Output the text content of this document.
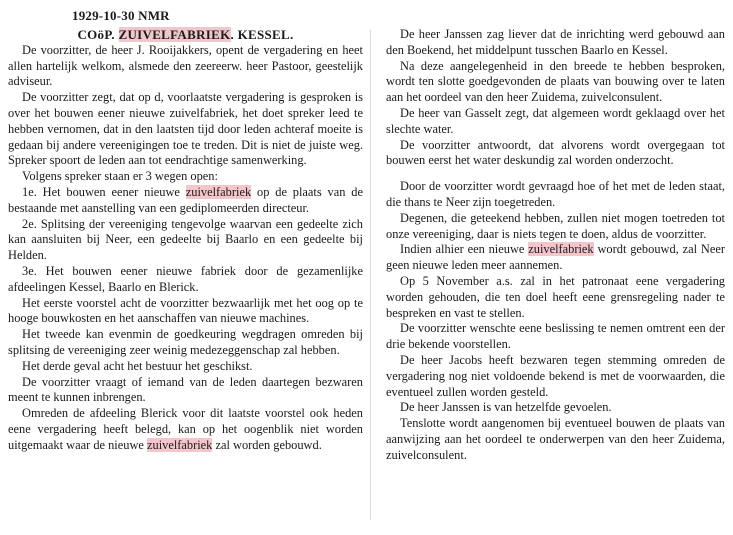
1929-10-30 NMR

COöP. ZUIVELFABRIEK. KESSEL.

De voorzitter, de heer J. Rooijakkers, opent de vergadering en heet allen hartelijk welkom, alsmede den zeereerw. heer Pastoor, geestelijk adviseur.

De voorzitter zegt, dat op d, voorlaatste vergadering is gesproken is over het bouwen eener nieuwe zuivelfabriek, het doet spreker leed te hebben vernomen, dat in den laatsten tijd door leden achteraf moeite is gedaan bij andere vereenigingen toe te treden. Dit is niet de juiste weg. Spreker spoort de leden aan tot eendrachtige samenwerking.

Volgens spreker staan er 3 wegen open:

1e. Het bouwen eener nieuwe zuivelfabriek op de plaats van de bestaande met aanstelling van een gediplomeerden directeur.

2e. Splitsing der vereeniging tengevolge waarvan een gedeelte zich kan aansluiten bij Neer, een gedeelte bij Baarlo en een gedeelte bij Helden.

3e. Het bouwen eener nieuwe fabriek door de gezamenlijke afdeelingen Kessel, Baarlo en Blerick.

Het eerste voorstel acht de voorzitter bezwaarlijk met het oog op te hooge bouwkosten en het aanschaffen van nieuwe machines.

Het tweede kan evenmin de goedkeuring wegdragen omreden bij splitsing de vereeniging zeer weinig medezeggenschap zal hebben.

Het derde geval acht het bestuur het geschikst.

De voorzitter vraagt of iemand van de leden daartegen bezwaren meent te kunnen inbrengen.

Omreden de afdeeling Blerick voor dit laatste voorstel ook heden eene vergadering heeft belegd, kan op het oogenblik niet worden uitgemaakt waar de nieuwe zuivelfabriek zal worden gebouwd.

De heer Janssen zag liever dat de inrichting werd gebouwd aan den Boekend, het middelpunt tusschen Baarlo en Kessel.

Na deze aangelegenheid in den breede te hebben besproken, wordt ten slotte goedgevonden de plaats van bouwing over te laten aan het oordeel van den heer Zuidema, zuivelconsulent.

De heer van Gasselt zegt, dat algemeen wordt geklaagd over het slechte water.

De voorzitter antwoordt, dat alvorens wordt overgegaan tot bouwen eerst het water deskundig zal worden onderzocht.

Door de voorzitter wordt gevraagd hoe of het met de leden staat, die thans te Neer zijn toegetreden.

Degenen, die geteekend hebben, zullen niet mogen toetreden tot onze vereeniging, daar is niets tegen te doen, aldus de voorzitter.

Indien alhier een nieuwe zuivelfabriek wordt gebouwd, zal Neer geen nieuwe leden meer aannemen.

Op 5 November a.s. zal in het patronaat eene vergadering worden gehouden, die ten doel heeft eene grensregeling nader te bespreken en vast te stellen.

De voorzitter wenschte eene beslissing te nemen omtrent een der drie bekende voorstellen.

De heer Jacobs heeft bezwaren tegen stemming omreden de vergadering nog niet voldoende bekend is met de voorwaarden, die eventueel zullen worden gesteld.

De heer Janssen is van hetzelfde gevoelen.

Tenslotte wordt aangenomen bij eventueel bouwen de plaats van aanwijzing aan het oordeel te onderwerpen van den heer Zuidema, zuivelconsulent.
